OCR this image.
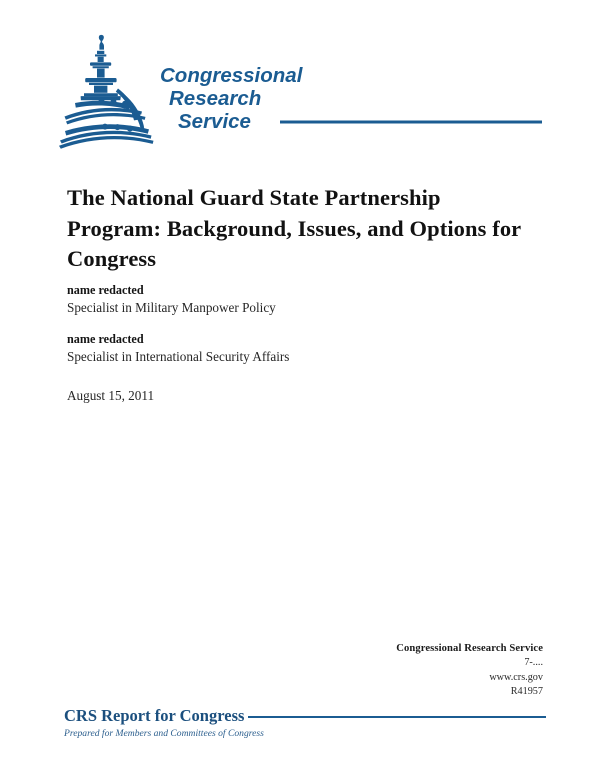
Congressional
Research
Service
The National Guard State Partnership
Program: Background, Issues, and Options for
Congress
name redacted
Specialist in Military Manpower Policy
name redacted
Specialist in International Security Affairs
August 15, 2011
Congressional Research Service
7-....
www.crs.gov
R41957
CRS Report for Congress
Prepared for Members and Committees of Congress
